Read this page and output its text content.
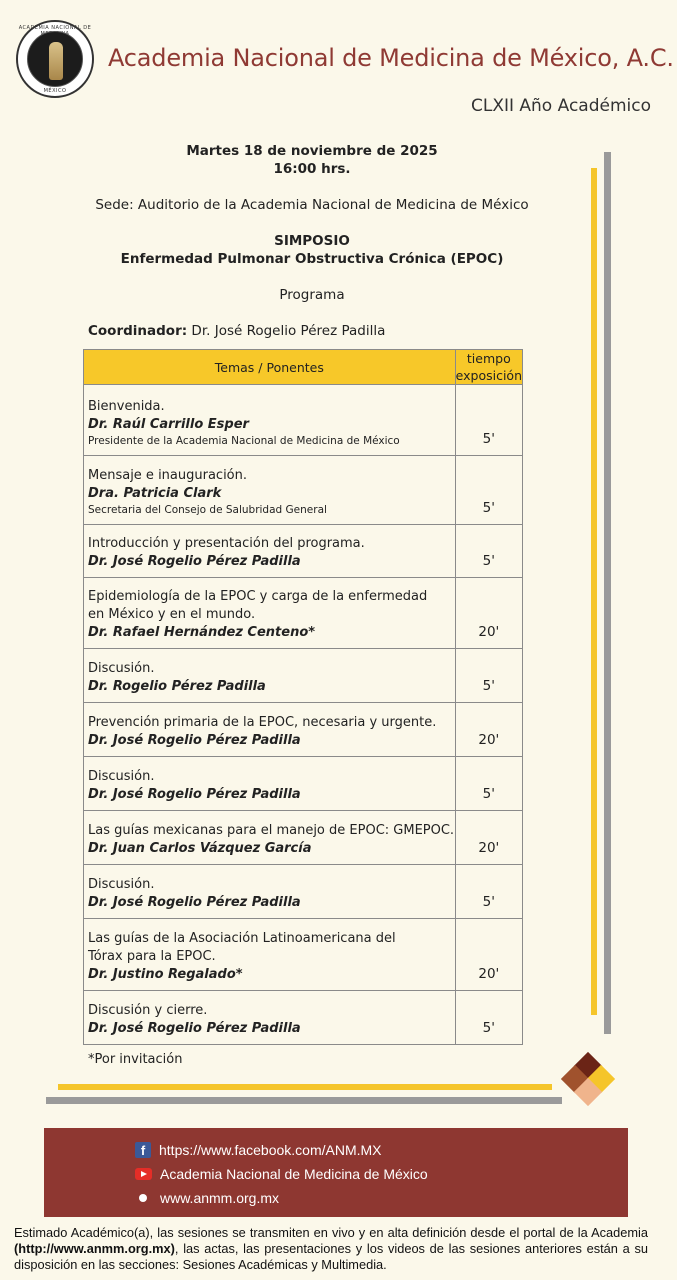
ACADEMIA NACIONAL DE
MÉXICO
Academia Nacional de Medicina de México, A.C.
CLXII Año Académico
Martes 18 de noviembre de 2025
16:00 hrs.
Sede: Auditorio de la Academia Nacional de Medicina de México
SIMPOSIO
Enfermedad Pulmonar Obstructiva Crónica (EPOC)
Programa
Coordinador: Dr. José Rogelio Pérez Padilla
Temas / Ponentes	tiempo
exposición

Bienvenida.
Dr. Raúl Carrillo Esper
Presidente de la Academia Nacional de Medicina de México	5'

Mensaje e inauguración.
Dra. Patricia Clark
Secretaria del Consejo de Salubridad General	5'

Introducción y presentación del programa.
Dr. José Rogelio Pérez Padilla	5'

Epidemiología de la EPOC y carga de la enfermedad
en México y en el mundo.
Dr. Rafael Hernández Centeno*	20'

Discusión.
Dr. Rogelio Pérez Padilla	5'

Prevención primaria de la EPOC, necesaria y urgente.
Dr. José Rogelio Pérez Padilla	20'

Discusión.
Dr. José Rogelio Pérez Padilla	5'

Las guías mexicanas para el manejo de EPOC: GMEPOC.
Dr. Juan Carlos Vázquez García	20'

Discusión.
Dr. José Rogelio Pérez Padilla	5'

Las guías de la Asociación Latinoamericana del
Tórax para la EPOC.
Dr. Justino Regalado*	20'

Discusión y cierre.
Dr. José Rogelio Pérez Padilla	5'
*Por invitación
f https://www.facebook.com/ANM.MX
Academia Nacional de Medicina de México
www.anmm.org.mx
Estimado Académico(a), las sesiones se transmiten en vivo y en alta definición desde el portal de la Academia (http://www.anmm.org.mx), las actas, las presentaciones y los videos de las sesiones anteriores están a su disposición en las secciones: Sesiones Académicas y Multimedia.
